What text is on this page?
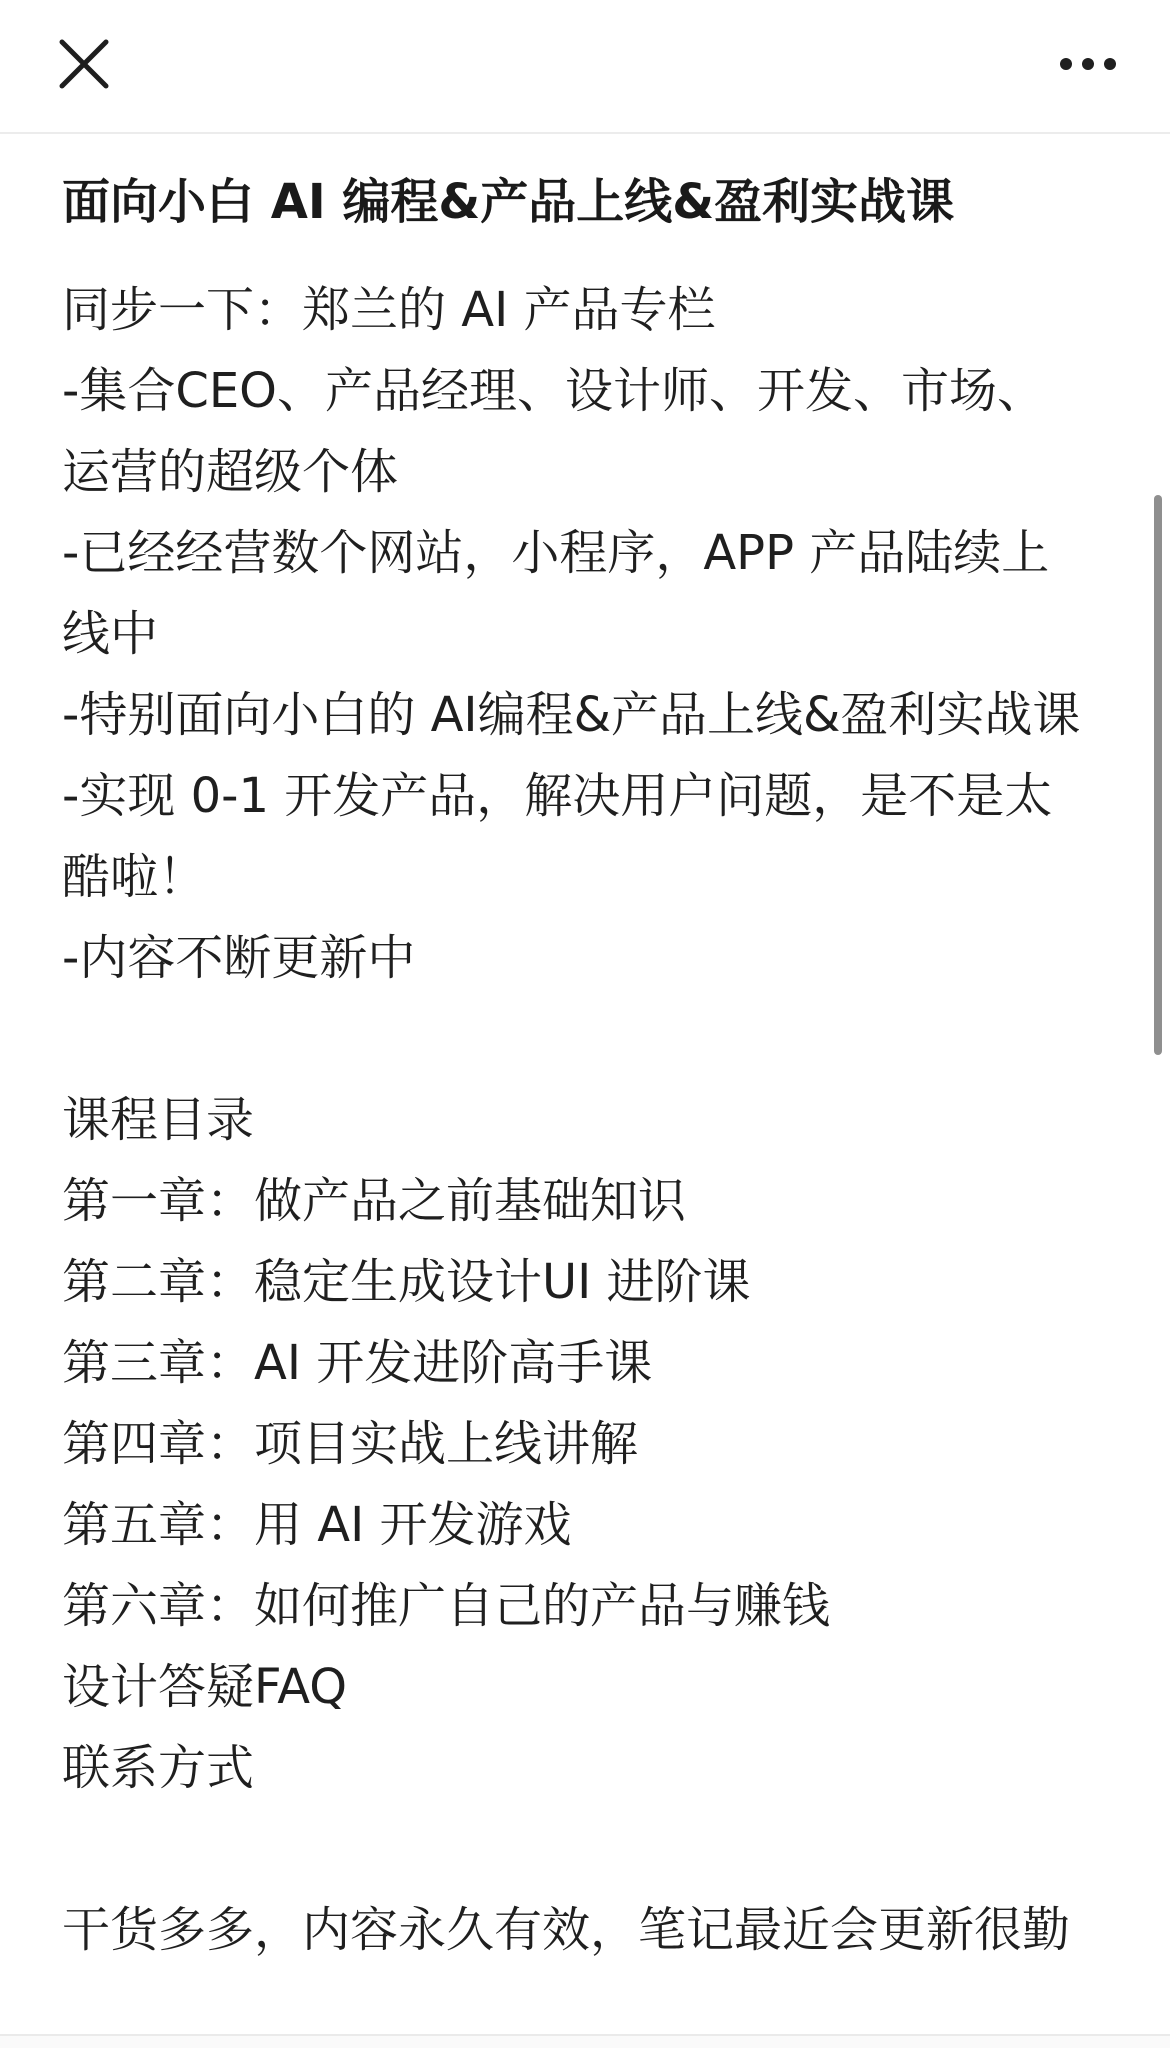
面向小白 AI 编程&产品上线&盈利实战课
同步一下：郑兰的 AI 产品专栏
-集合CEO、产品经理、设计师、开发、市场、
运营的超级个体
-已经经营数个网站，小程序，APP 产品陆续上
线中
-特别面向小白的 AI编程&产品上线&盈利实战课
-实现 0-1 开发产品，解决用户问题，是不是太
酷啦！
-内容不断更新中
课程目录
第一章：做产品之前基础知识
第二章：稳定生成设计UI 进阶课
第三章：AI 开发进阶高手课
第四章：项目实战上线讲解
第五章：用 AI 开发游戏
第六章：如何推广自己的产品与赚钱
设计答疑FAQ
联系方式
干货多多，内容永久有效，笔记最近会更新很勤
